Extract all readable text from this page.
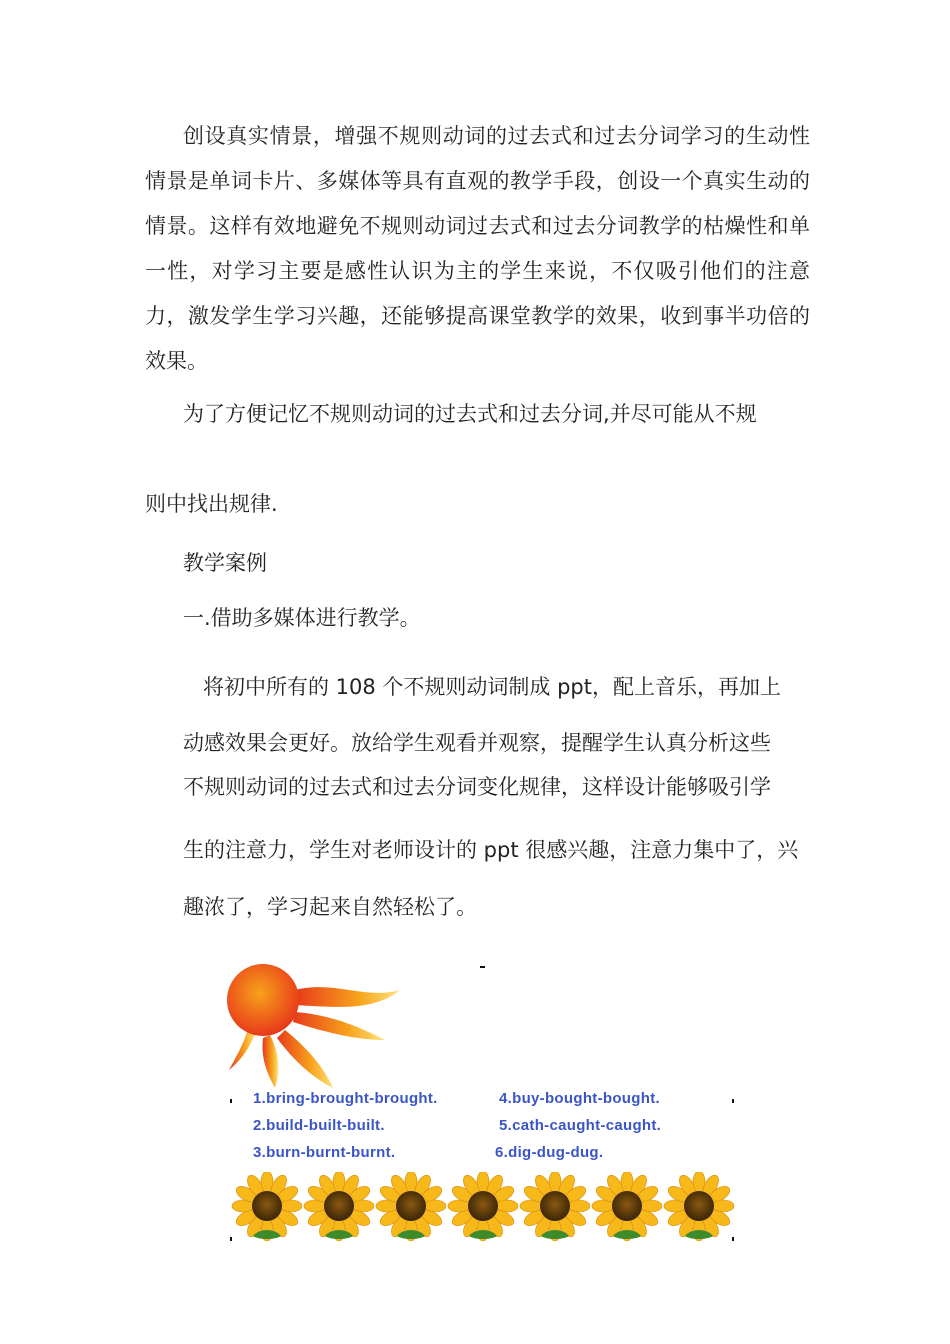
创设真实情景，增强不规则动词的过去式和过去分词学习的生动性情景是单词卡片、多媒体等具有直观的教学手段，创设一个真实生动的情景。这样有效地避免不规则动词过去式和过去分词教学的枯燥性和单一性，对学习主要是感性认识为主的学生来说，不仅吸引他们的注意力，激发学生学习兴趣，还能够提高课堂教学的效果，收到事半功倍的效果。

为了方便记忆不规则动词的过去式和过去分词,并尽可能从不规
则中找出规律.

教学案例

一.借助多媒体进行教学。

将初中所有的 108 个不规则动词制成 ppt，配上音乐，再加上
动感效果会更好。放给学生观看并观察，提醒学生认真分析这些
不规则动词的过去式和过去分词变化规律，这样设计能够吸引学
生的注意力，学生对老师设计的 ppt 很感兴趣，注意力集中了，兴
趣浓了，学习起来自然轻松了。
1.bring-brought-brought.	4.buy-bought-bought.
2.build-built-built.	5.cath-caught-caught.
3.burn-burnt-burnt.	6.dig-dug-dug.
